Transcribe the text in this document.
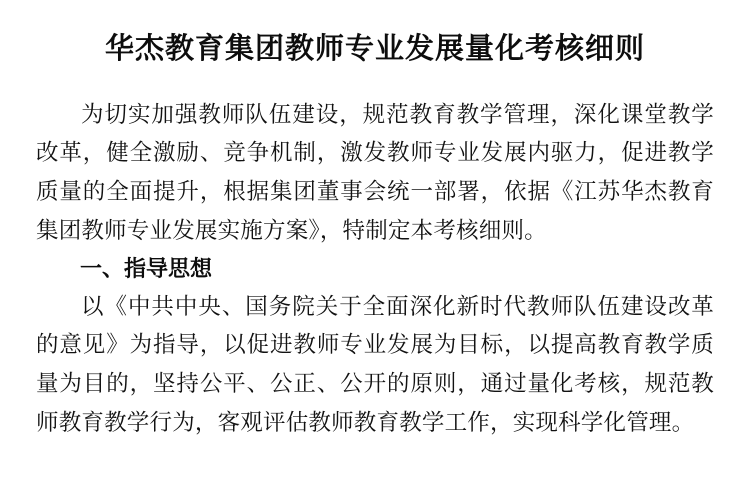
华杰教育集团教师专业发展量化考核细则

为切实加强教师队伍建设，规范教育教学管理，深化课堂教学改革，健全激励、竞争机制，激发教师专业发展内驱力，促进教学质量的全面提升，根据集团董事会统一部署，依据《江苏华杰教育集团教师专业发展实施方案》，特制定本考核细则。

一、指导思想

以《中共中央、国务院关于全面深化新时代教师队伍建设改革的意见》为指导，以促进教师专业发展为目标，以提高教育教学质量为目的，坚持公平、公正、公开的原则，通过量化考核，规范教师教育教学行为，客观评估教师教育教学工作，实现科学化管理。
